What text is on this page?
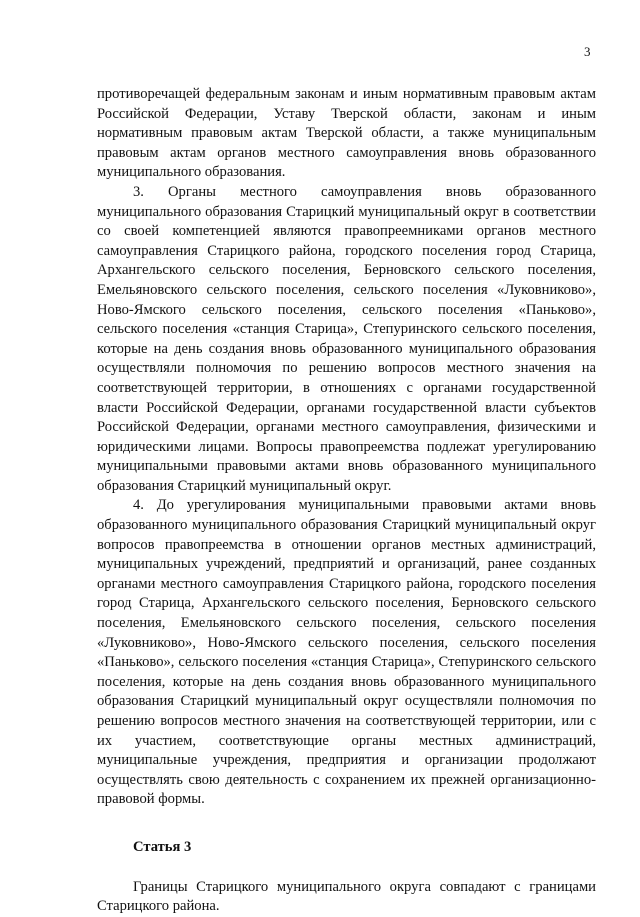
3

противоречащей федеральным законам и иным нормативным правовым актам Российской Федерации, Уставу Тверской области, законам и иным нормативным правовым актам Тверской области, а также муниципальным правовым актам органов местного самоуправления вновь образованного муниципального образования.

3. Органы местного самоуправления вновь образованного муниципального образования Старицкий муниципальный округ в соответствии со своей компетенцией являются правопреемниками органов местного самоуправления Старицкого района, городского поселения город Старица, Архангельского сельского поселения, Берновского сельского поселения, Емельяновского сельского поселения, сельского поселения «Луковниково», Ново-Ямского сельского поселения, сельского поселения «Паньково», сельского поселения «станция Старица», Степуринского сельского поселения, которые на день создания вновь образованного муниципального образования осуществляли полномочия по решению вопросов местного значения на соответствующей территории, в отношениях с органами государственной власти Российской Федерации, органами государственной власти субъектов Российской Федерации, органами местного самоуправления, физическими и юридическими лицами. Вопросы правопреемства подлежат урегулированию муниципальными правовыми актами вновь образованного муниципального образования Старицкий муниципальный округ.

4. До урегулирования муниципальными правовыми актами вновь образованного муниципального образования Старицкий муниципальный округ вопросов правопреемства в отношении органов местных администраций, муниципальных учреждений, предприятий и организаций, ранее созданных органами местного самоуправления Старицкого района, городского поселения город Старица, Архангельского сельского поселения, Берновского сельского поселения, Емельяновского сельского поселения, сельского поселения «Луковниково», Ново-Ямского сельского поселения, сельского поселения «Паньково», сельского поселения «станция Старица», Степуринского сельского поселения, которые на день создания вновь образованного муниципального образования Старицкий муниципальный округ осуществляли полномочия по решению вопросов местного значения на соответствующей территории, или с их участием, соответствующие органы местных администраций, муниципальные учреждения, предприятия и организации продолжают осуществлять свою деятельность с сохранением их прежней организационно-правовой формы.

Статья 3

Границы Старицкого муниципального округа совпадают с границами Старицкого района.
